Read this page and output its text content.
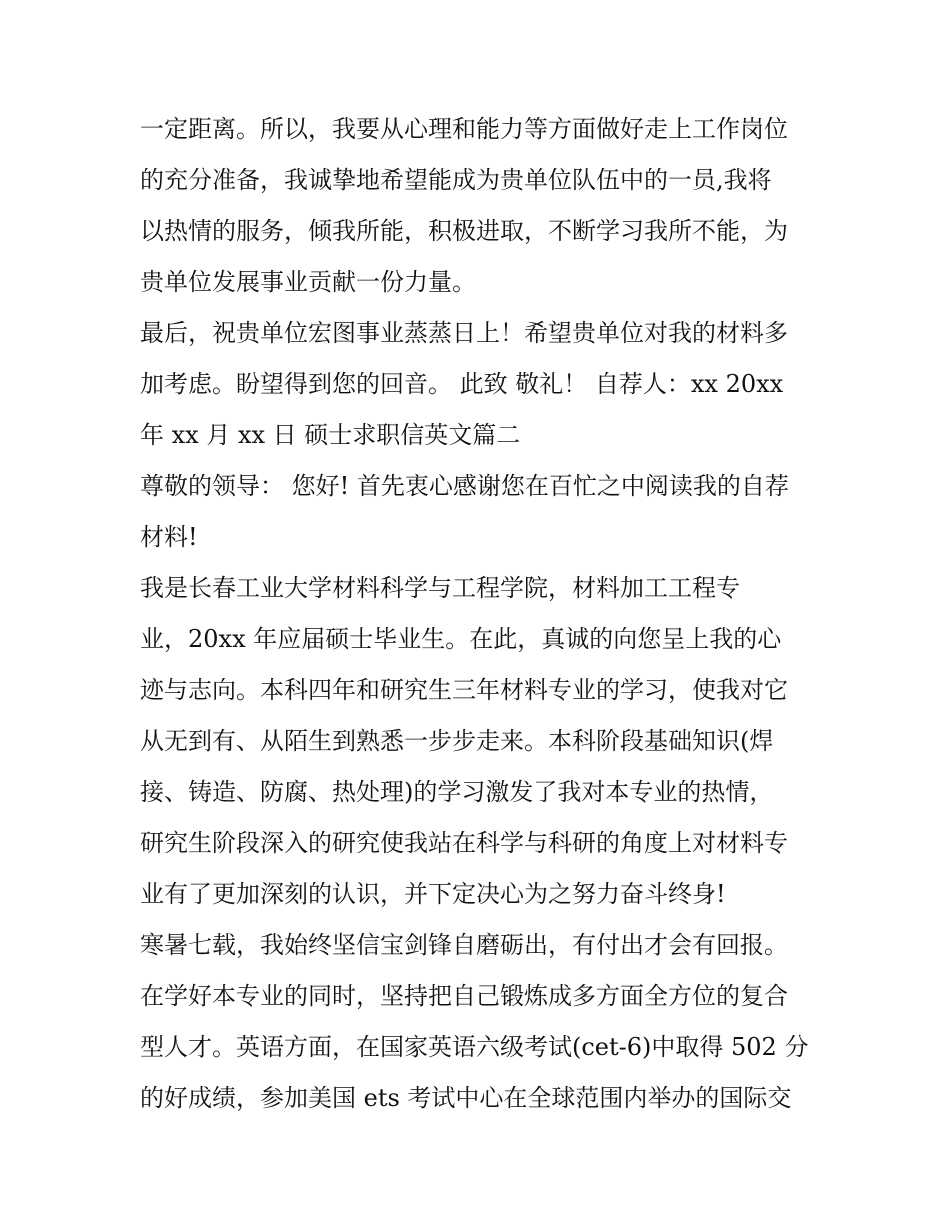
一定距离。所以，我要从心理和能力等方面做好走上工作岗位
的充分准备，我诚挚地希望能成为贵单位队伍中的一员,我将
以热情的服务，倾我所能，积极进取，不断学习我所不能，为
贵单位发展事业贡献一份力量。
最后，祝贵单位宏图事业蒸蒸日上！希望贵单位对我的材料多
加考虑。盼望得到您的回音。 此致 敬礼！ 自荐人：xx 20xx
年 xx 月 xx 日 硕士求职信英文篇二
尊敬的领导： 您好! 首先衷心感谢您在百忙之中阅读我的自荐
材料!
我是长春工业大学材料科学与工程学院，材料加工工程专
业，20xx 年应届硕士毕业生。在此，真诚的向您呈上我的心
迹与志向。本科四年和研究生三年材料专业的学习，使我对它
从无到有、从陌生到熟悉一步步走来。本科阶段基础知识(焊
接、铸造、防腐、热处理)的学习激发了我对本专业的热情，
研究生阶段深入的研究使我站在科学与科研的角度上对材料专
业有了更加深刻的认识，并下定决心为之努力奋斗终身!
寒暑七载，我始终坚信宝剑锋自磨砺出，有付出才会有回报。
在学好本专业的同时，坚持把自己锻炼成多方面全方位的复合
型人才。英语方面，在国家英语六级考试(cet-6)中取得 502 分
的好成绩，参加美国 ets 考试中心在全球范围内举办的国际交
